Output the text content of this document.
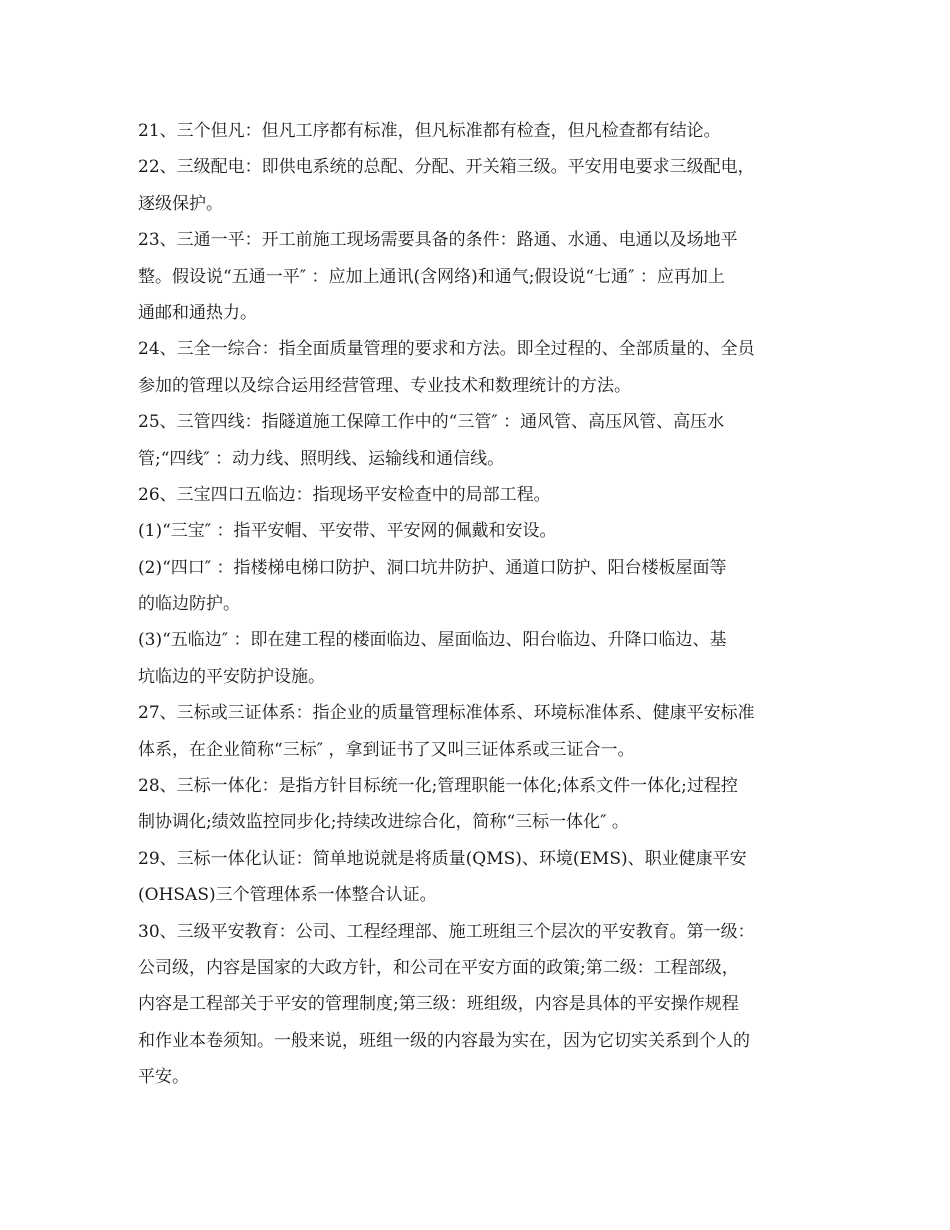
21、三个但凡：但凡工序都有标准，但凡标准都有检查，但凡检查都有结论。
22、三级配电：即供电系统的总配、分配、开关箱三级。平安用电要求三级配电，
逐级保护。
23、三通一平：开工前施工现场需要具备的条件：路通、水通、电通以及场地平
整。假设说“五通一平″ ：应加上通讯(含网络)和通气;假设说“七通″ ：应再加上
通邮和通热力。
24、三全一综合：指全面质量管理的要求和方法。即全过程的、全部质量的、全员
参加的管理以及综合运用经营管理、专业技术和数理统计的方法。
25、三管四线：指隧道施工保障工作中的“三管″ ：通风管、高压风管、高压水
管;“四线″ ：动力线、照明线、运输线和通信线。
26、三宝四口五临边：指现场平安检查中的局部工程。
(1)“三宝″ ：指平安帽、平安带、平安网的佩戴和安设。
(2)“四口″ ：指楼梯电梯口防护、洞口坑井防护、通道口防护、阳台楼板屋面等
的临边防护。
(3)“五临边″ ：即在建工程的楼面临边、屋面临边、阳台临边、升降口临边、基
坑临边的平安防护设施。
27、三标或三证体系：指企业的质量管理标准体系、环境标准体系、健康平安标准
体系，在企业简称“三标″ ，拿到证书了又叫三证体系或三证合一。
28、三标一体化：是指方针目标统一化;管理职能一体化;体系文件一体化;过程控
制协调化;绩效监控同步化;持续改进综合化，简称“三标一体化″ 。
29、三标一体化认证：简单地说就是将质量(QMS)、环境(EMS)、职业健康平安
(OHSAS)三个管理体系一体整合认证。
30、三级平安教育：公司、工程经理部、施工班组三个层次的平安教育。第一级：
公司级，内容是国家的大政方针，和公司在平安方面的政策;第二级：工程部级，
内容是工程部关于平安的管理制度;第三级：班组级，内容是具体的平安操作规程
和作业本卷须知。一般来说，班组一级的内容最为实在，因为它切实关系到个人的
平安。
